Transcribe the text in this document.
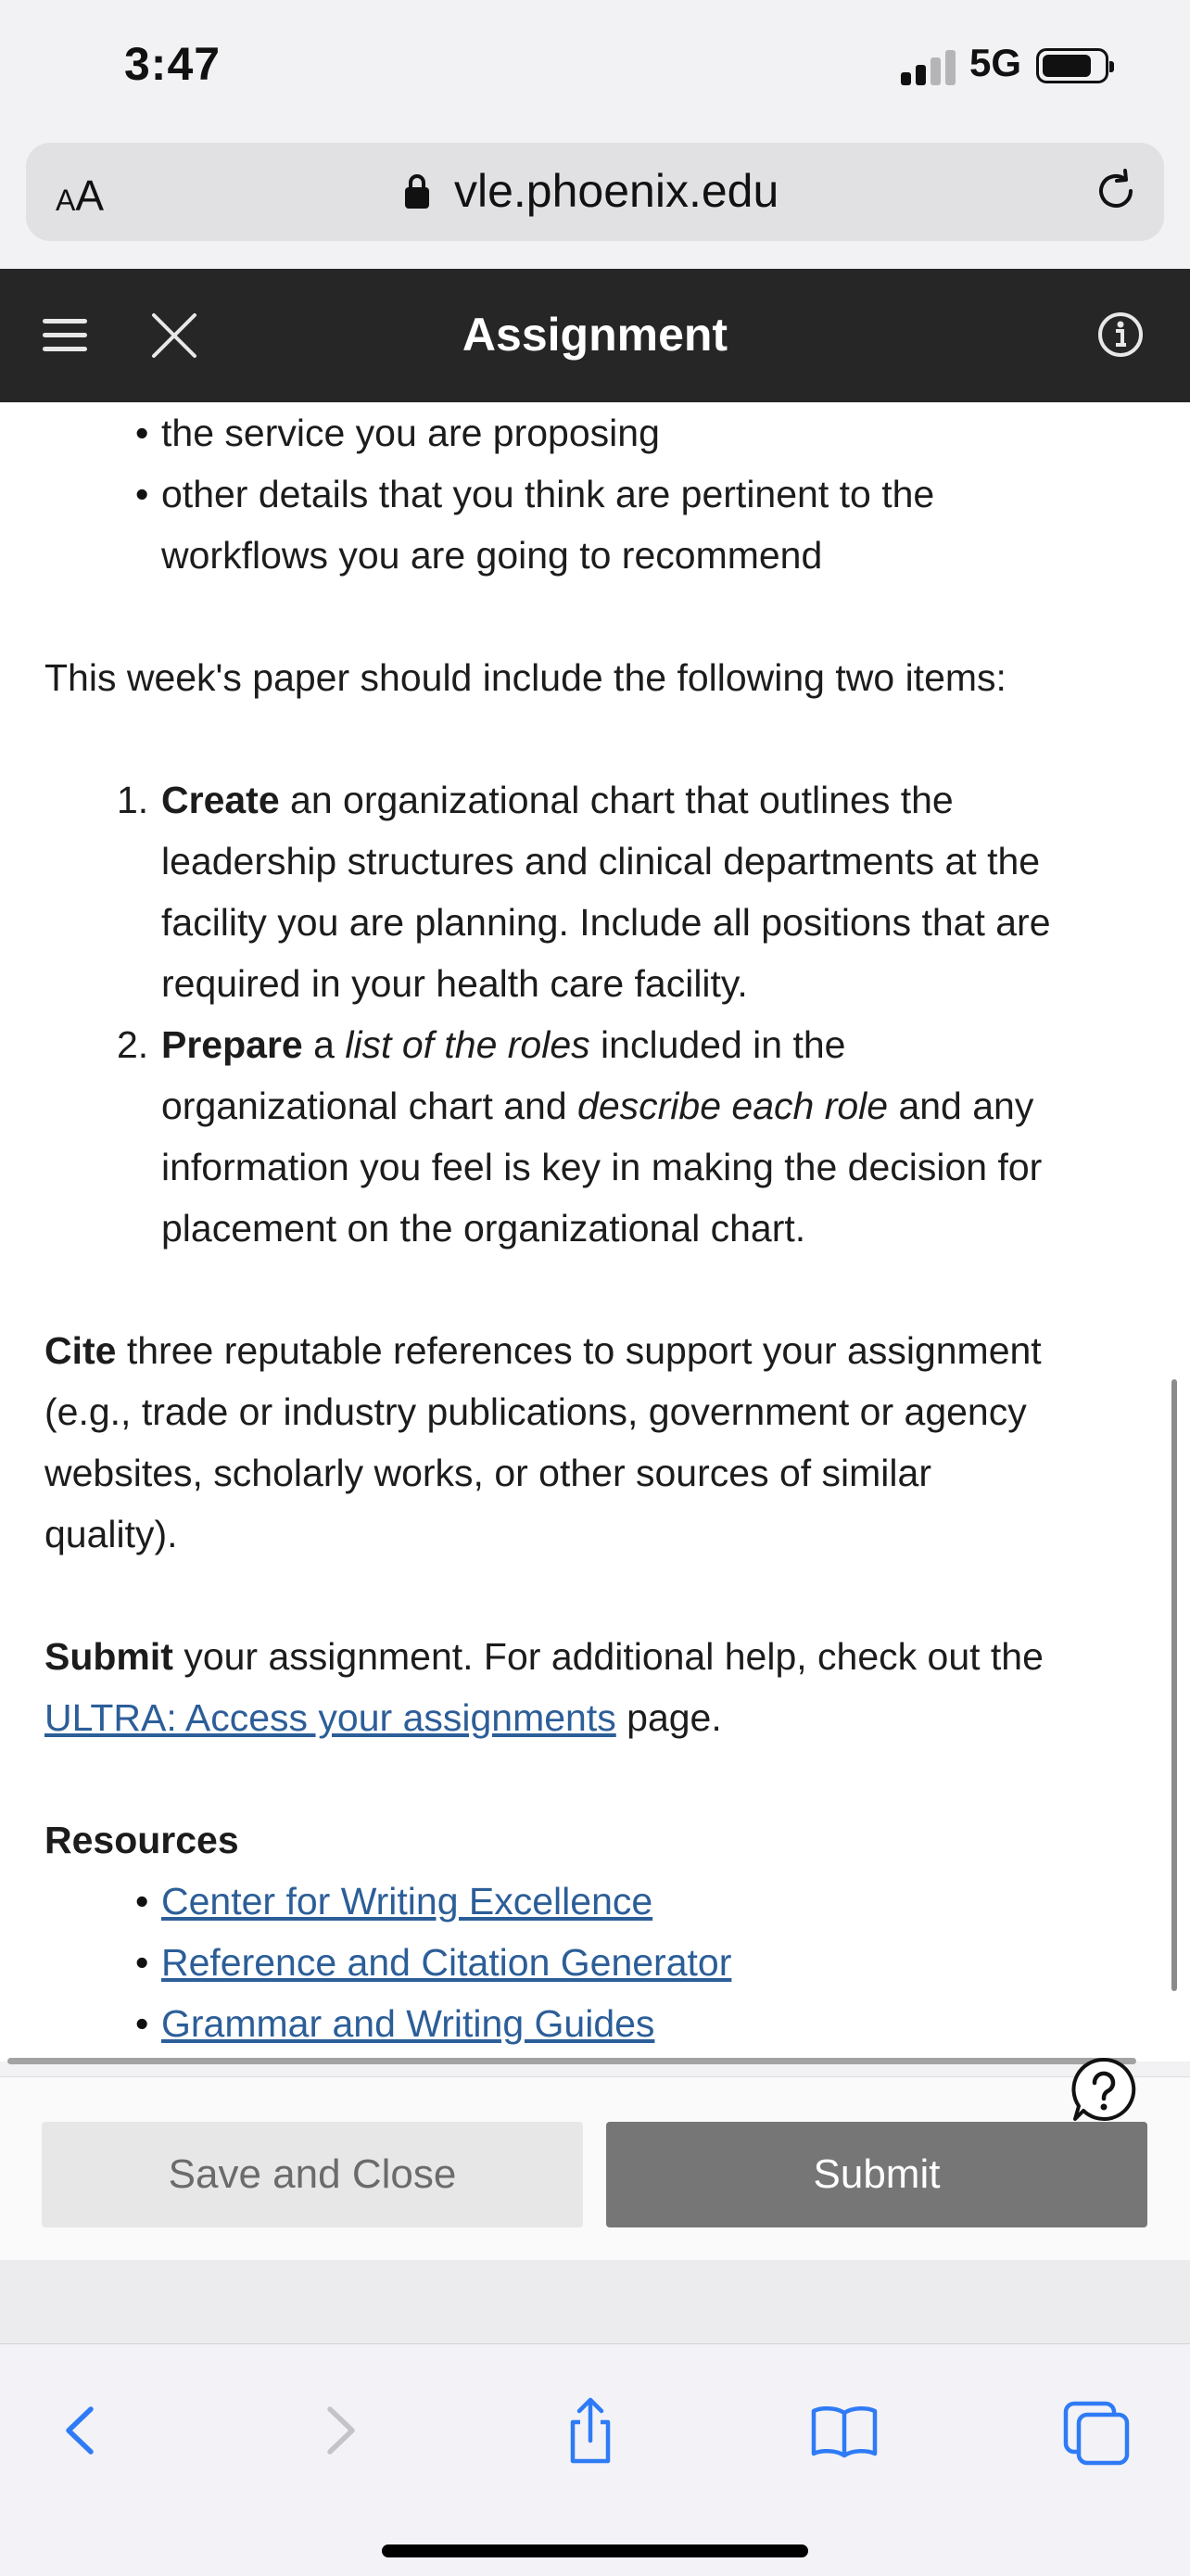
3:47	5G
AA	vle.phoenix.edu
Assignment
• the service you are proposing
• other details that you think are pertinent to the
workflows you are going to recommend
This week's paper should include the following two items:
1. Create an organizational chart that outlines the
leadership structures and clinical departments at the
facility you are planning. Include all positions that are
required in your health care facility.
2. Prepare a list of the roles included in the
organizational chart and describe each role and any
information you feel is key in making the decision for
placement on the organizational chart.
Cite three reputable references to support your assignment
(e.g., trade or industry publications, government or agency
websites, scholarly works, or other sources of similar
quality).
Submit your assignment. For additional help, check out the
ULTRA: Access your assignments page.
Resources
• Center for Writing Excellence
• Reference and Citation Generator
• Grammar and Writing Guides
Save and Close	Submit
